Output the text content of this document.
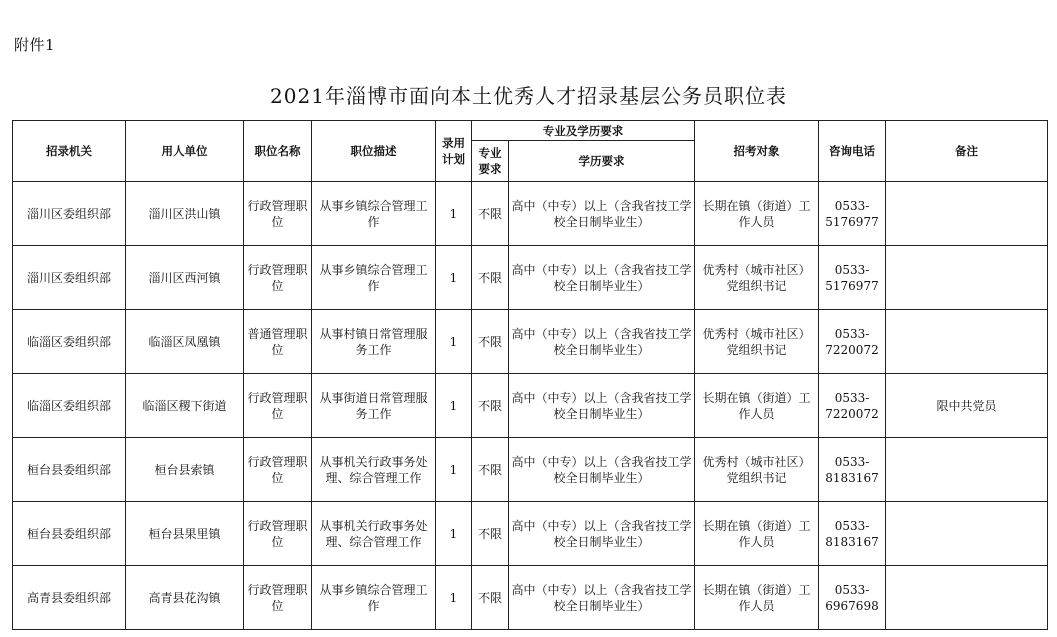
附件1
2021年淄博市面向本土优秀人才招录基层公务员职位表
招录机关	用人单位	职位名称	职位描述	录用计划	专业及学历要求		招考对象	咨询电话	备注
					专业要求	学历要求			
淄川区委组织部	淄川区洪山镇	行政管理职位	从事乡镇综合管理工作	1	不限	高中（中专）以上（含我省技工学校全日制毕业生）	长期在镇（街道）工作人员	0533-5176977	
淄川区委组织部	淄川区西河镇	行政管理职位	从事乡镇综合管理工作	1	不限	高中（中专）以上（含我省技工学校全日制毕业生）	优秀村（城市社区）党组织书记	0533-5176977	
临淄区委组织部	临淄区凤凰镇	普通管理职位	从事村镇日常管理服务工作	1	不限	高中（中专）以上（含我省技工学校全日制毕业生）	优秀村（城市社区）党组织书记	0533-7220072	
临淄区委组织部	临淄区稷下街道	行政管理职位	从事街道日常管理服务工作	1	不限	高中（中专）以上（含我省技工学校全日制毕业生）	长期在镇（街道）工作人员	0533-7220072	限中共党员
桓台县委组织部	桓台县索镇	行政管理职位	从事机关行政事务处理、综合管理工作	1	不限	高中（中专）以上（含我省技工学校全日制毕业生）	优秀村（城市社区）党组织书记	0533-8183167	
桓台县委组织部	桓台县果里镇	行政管理职位	从事机关行政事务处理、综合管理工作	1	不限	高中（中专）以上（含我省技工学校全日制毕业生）	长期在镇（街道）工作人员	0533-8183167	
高青县委组织部	高青县花沟镇	行政管理职位	从事乡镇综合管理工作	1	不限	高中（中专）以上（含我省技工学校全日制毕业生）	长期在镇（街道）工作人员	0533-6967698	
